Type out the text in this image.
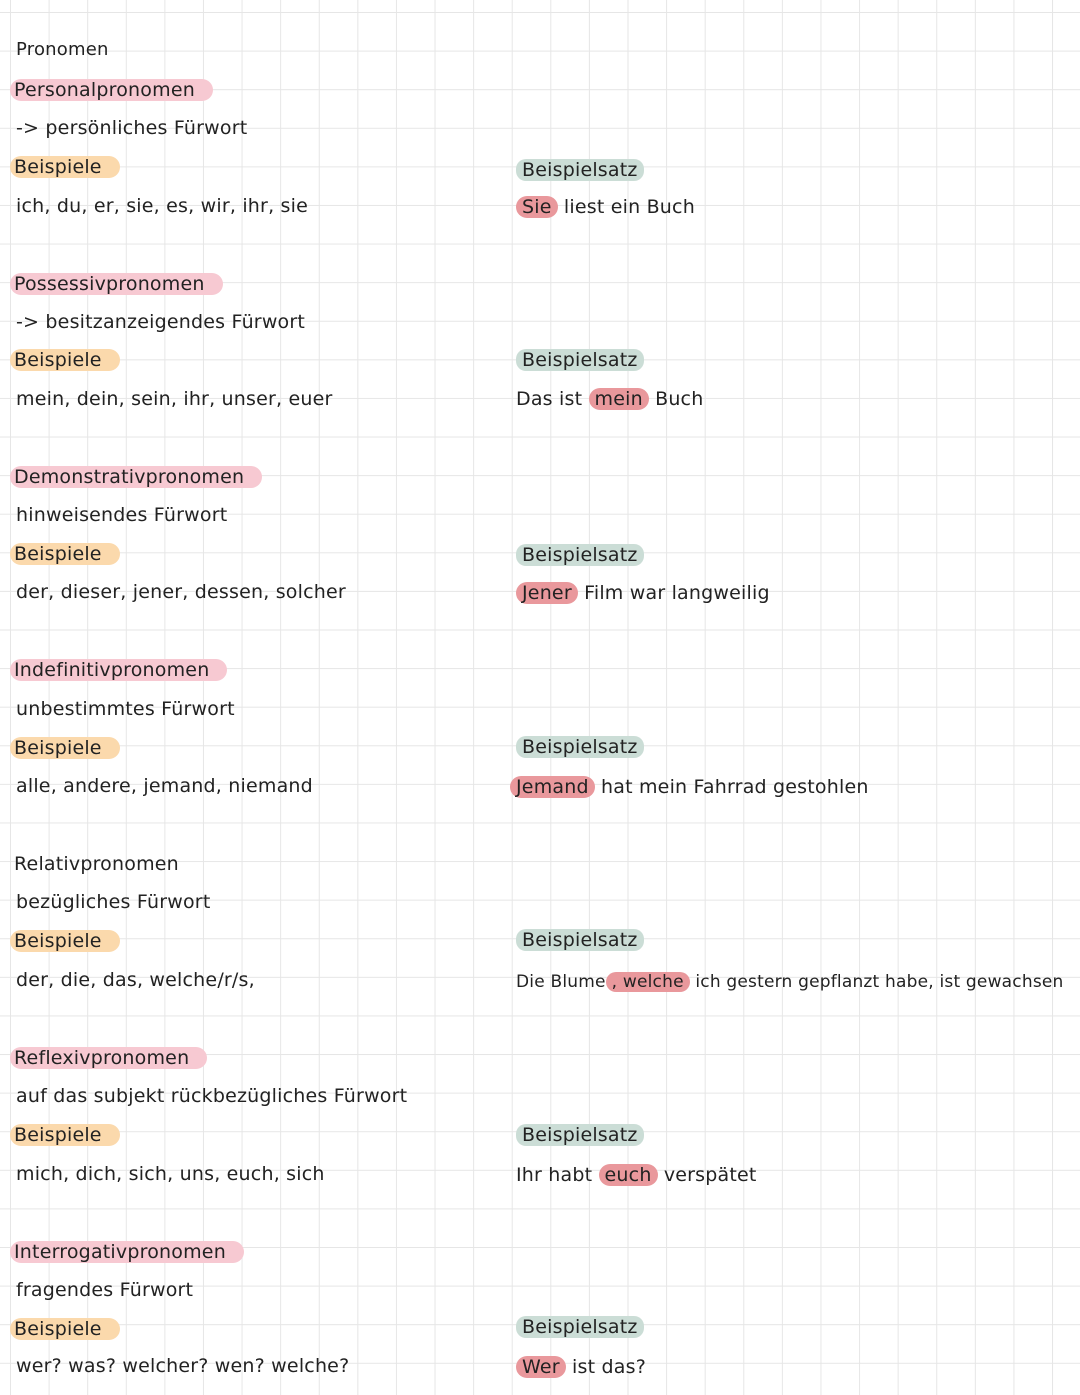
Pronomen
Personalpronomen
-> persönliches Fürwort
Beispiele
ich, du, er, sie, es, wir, ihr, sie
Beispielsatz
Sie liest ein Buch
Possessivpronomen
-> besitzanzeigendes Fürwort
Beispiele
mein, dein, sein, ihr, unser, euer
Beispielsatz
Das ist mein Buch
Demonstrativpronomen
hinweisendes Fürwort
Beispiele
der, dieser, jener, dessen, solcher
Beispielsatz
Jener Film war langweilig
Indefinitivpronomen
unbestimmtes Fürwort
Beispiele
alle, andere, jemand, niemand
Beispielsatz
Jemand hat mein Fahrrad gestohlen
Relativpronomen
bezügliches Fürwort
Beispiele
der, die, das, welche/r/s,
Beispielsatz
Die Blume , welche ich gestern gepflanzt habe, ist gewachsen
Reflexivpronomen
auf das subjekt rückbezügliches Fürwort
Beispiele
mich, dich, sich, uns, euch, sich
Beispielsatz
Ihr habt euch verspätet
Interrogativpronomen
fragendes Fürwort
Beispiele
wer? was? welcher? wen? welche?
Beispielsatz
Wer ist das?
